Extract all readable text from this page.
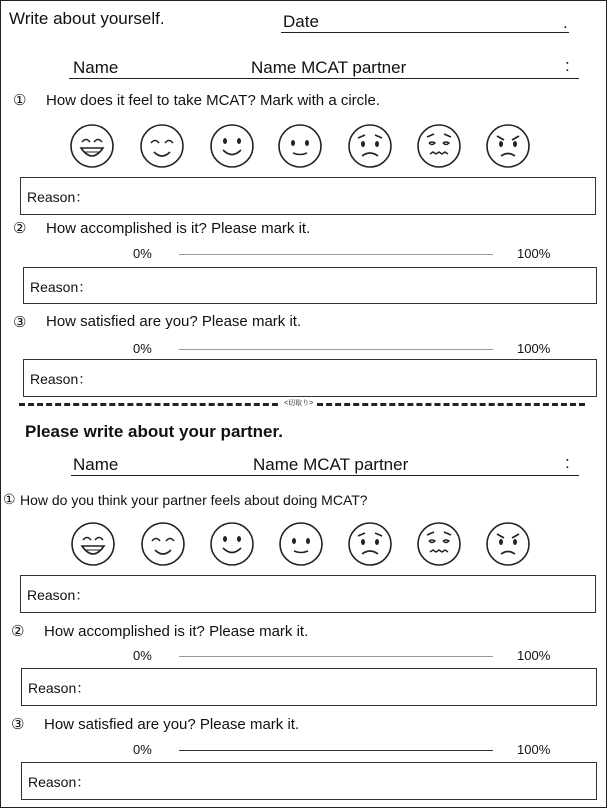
Write about yourself.	Date	.
Name	Name MCAT partner	:
① How does it feel to take MCAT? Mark with a circle.
Reason：
② How accomplished is it? Please mark it.
0%	100%
Reason：
③ How satisfied are you? Please mark it.
0%	100%
Reason：
<切取り>
Please write about your partner.
Name	Name MCAT partner	:
① How do you think your partner feels about doing MCAT?
Reason：
② How accomplished is it? Please mark it.
0%	100%
Reason：
③ How satisfied are you? Please mark it.
0%	100%
Reason：
